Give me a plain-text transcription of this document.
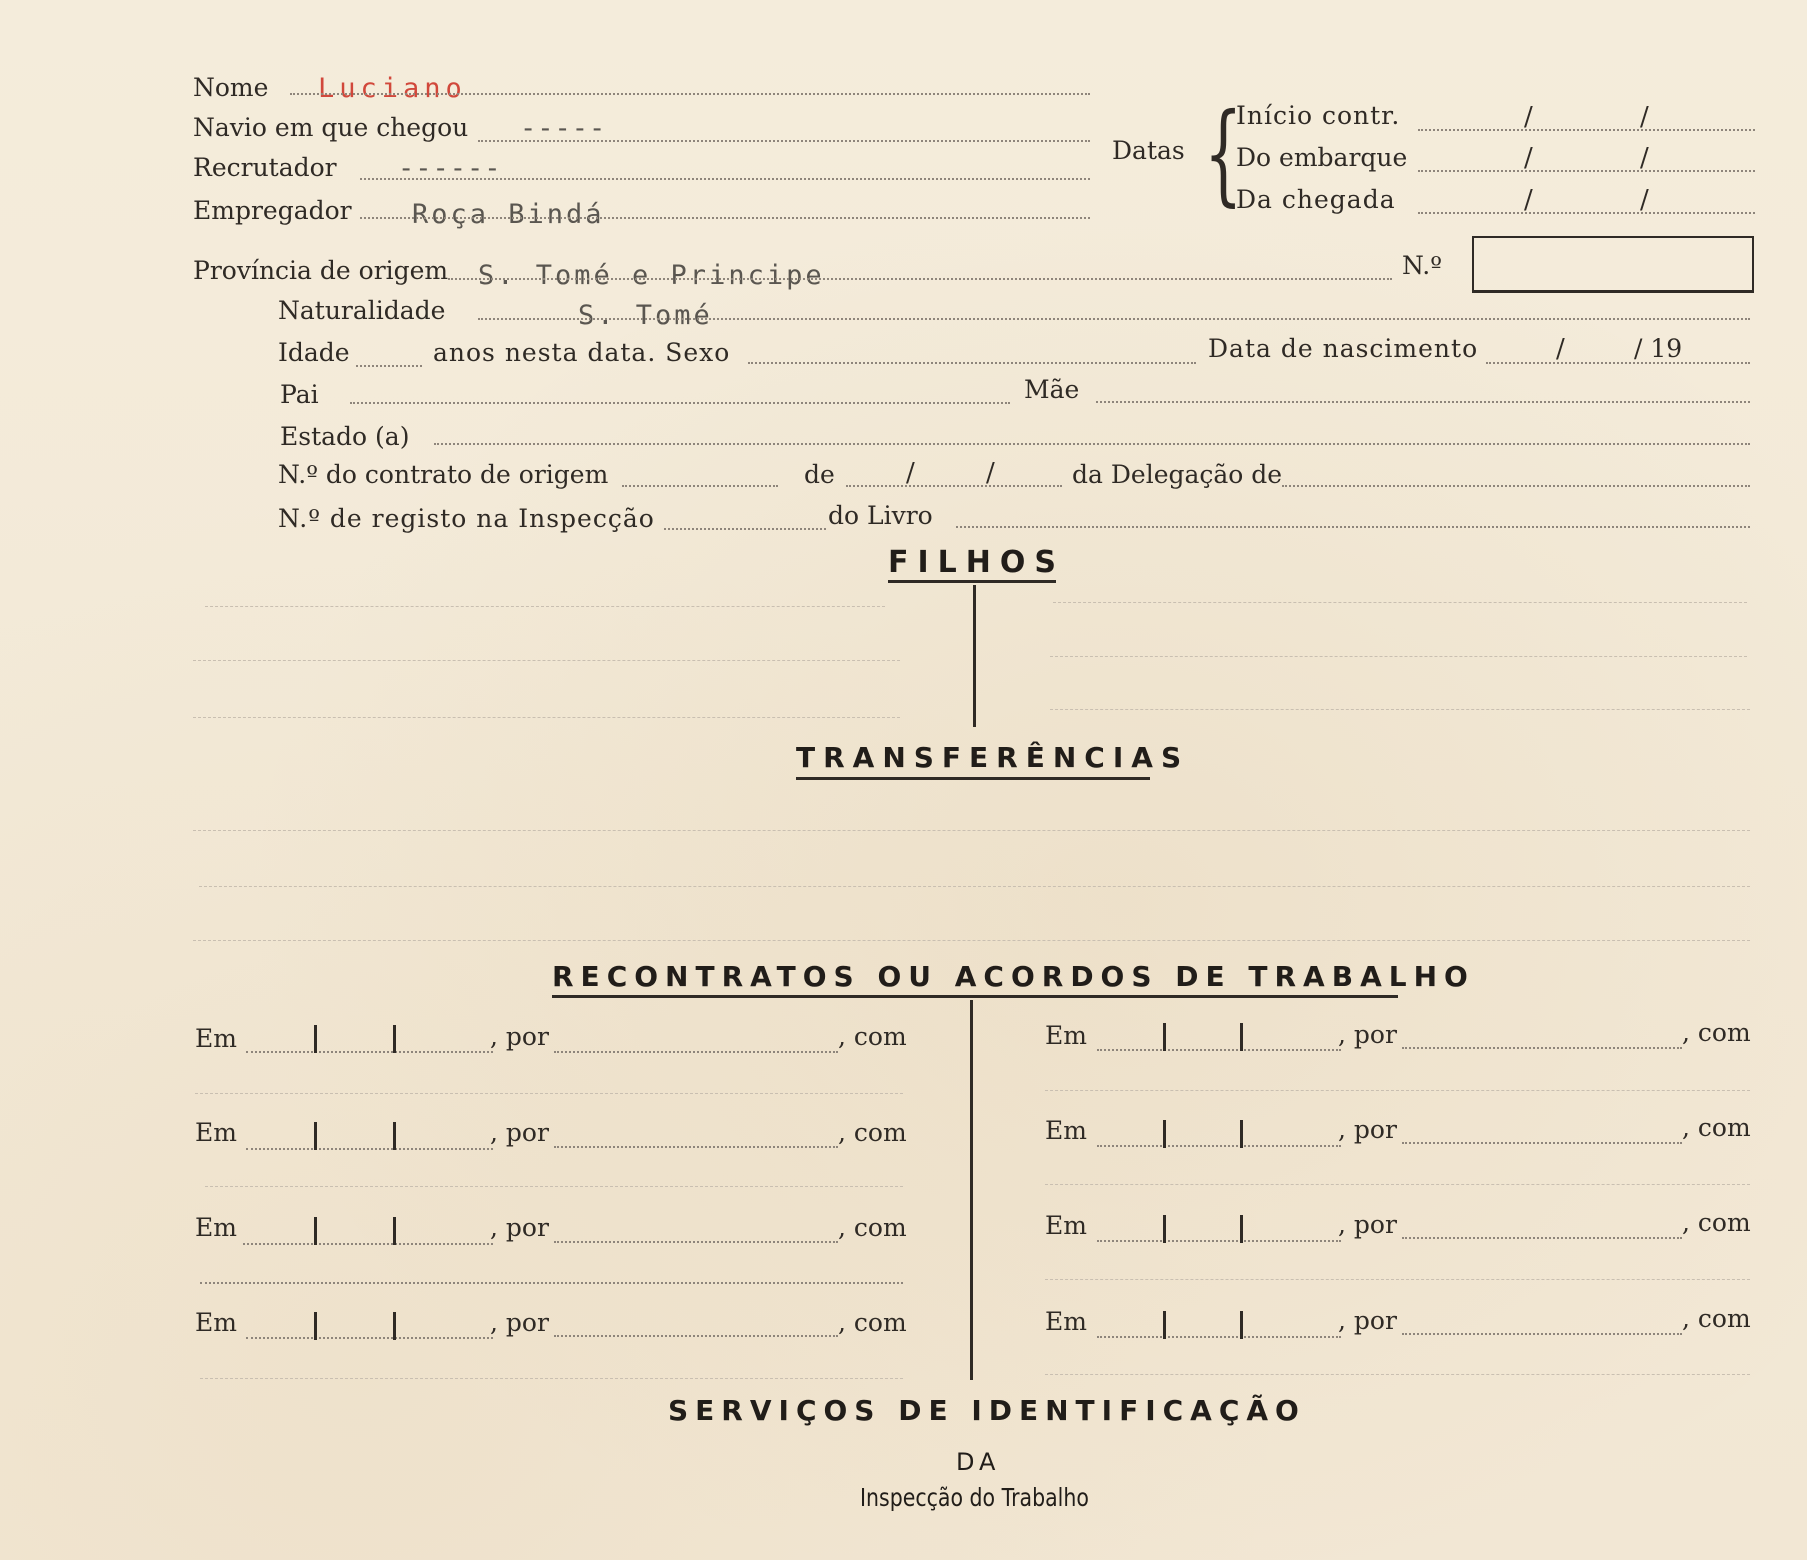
Nome Luciano
Navio em que chegou -----
Recrutador ------
Empregador Roça Bindá
Datas {
Início contr.	/	/
Do embarque	/	/
Da chegada	/	/
Província de origem S. Tomé e Principe	N.º
Naturalidade	S. Tomé
Idade	anos nesta data. Sexo	Data de nascimento	/	/ 19
Pai	Mãe
Estado (a)
N.º do contrato de origem	de	/	/	da Delegação de
N.º de registo na Inspecção	do Livro
FILHOS
TRANSFERÊNCIAS
RECONTRATOS OU ACORDOS DE TRABALHO
Em	, por	, com
Em	, por	, com
Em	, por	, com
Em	, por	, com
Em	, por	, com
Em	, por	, com
Em	, por	, com
Em	, por	, com
SERVIÇOS DE IDENTIFICAÇÃO
DA
Inspecção do Trabalho
